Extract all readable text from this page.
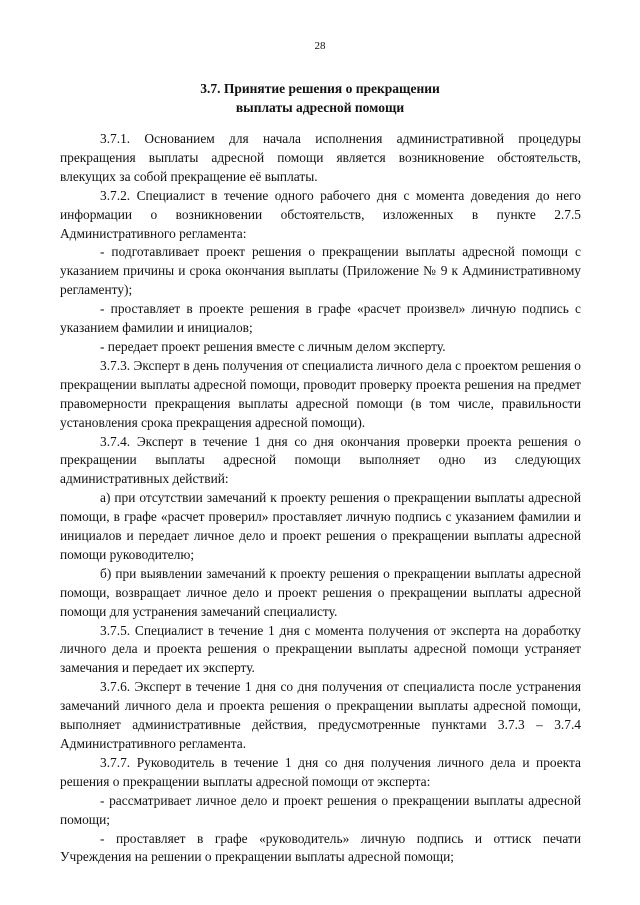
28
3.7. Принятие решения о прекращении
выплаты адресной помощи

3.7.1. Основанием для начала исполнения административной процедуры прекращения выплаты адресной помощи является возникновение обстоятельств, влекущих за собой прекращение её выплаты.

3.7.2. Специалист в течение одного рабочего дня с момента доведения до него информации о возникновении обстоятельств, изложенных в пункте 2.7.5 Административного регламента:

- подготавливает проект решения о прекращении выплаты адресной помощи с указанием причины и срока окончания выплаты (Приложение № 9 к Административному регламенту);

- проставляет в проекте решения в графе «расчет произвел» личную подпись с указанием фамилии и инициалов;

- передает проект решения вместе с личным делом эксперту.

3.7.3. Эксперт в день получения от специалиста личного дела с проектом решения о прекращении выплаты адресной помощи, проводит проверку проекта решения на предмет правомерности прекращения выплаты адресной помощи (в том числе, правильности установления срока прекращения адресной помощи).

3.7.4. Эксперт в течение 1 дня со дня окончания проверки проекта решения о прекращении выплаты адресной помощи выполняет одно из следующих административных действий:

а) при отсутствии замечаний к проекту решения о прекращении выплаты адресной помощи, в графе «расчет проверил» проставляет личную подпись с указанием фамилии и инициалов и передает личное дело и проект решения о прекращении выплаты адресной помощи руководителю;

б) при выявлении замечаний к проекту решения о прекращении выплаты адресной помощи, возвращает личное дело и проект решения о прекращении выплаты адресной помощи для устранения замечаний специалисту.

3.7.5. Специалист в течение 1 дня с момента получения от эксперта на доработку личного дела и проекта решения о прекращении выплаты адресной помощи устраняет замечания и передает их эксперту.

3.7.6. Эксперт в течение 1 дня со дня получения от специалиста после устранения замечаний личного дела и проекта решения о прекращении выплаты адресной помощи, выполняет административные действия, предусмотренные пунктами 3.7.3 – 3.7.4 Административного регламента.

3.7.7. Руководитель в течение 1 дня со дня получения личного дела и проекта решения о прекращении выплаты адресной помощи от эксперта:

- рассматривает личное дело и проект решения о прекращении выплаты адресной помощи;

- проставляет в графе «руководитель» личную подпись и оттиск печати Учреждения на решении о прекращении выплаты адресной помощи;
